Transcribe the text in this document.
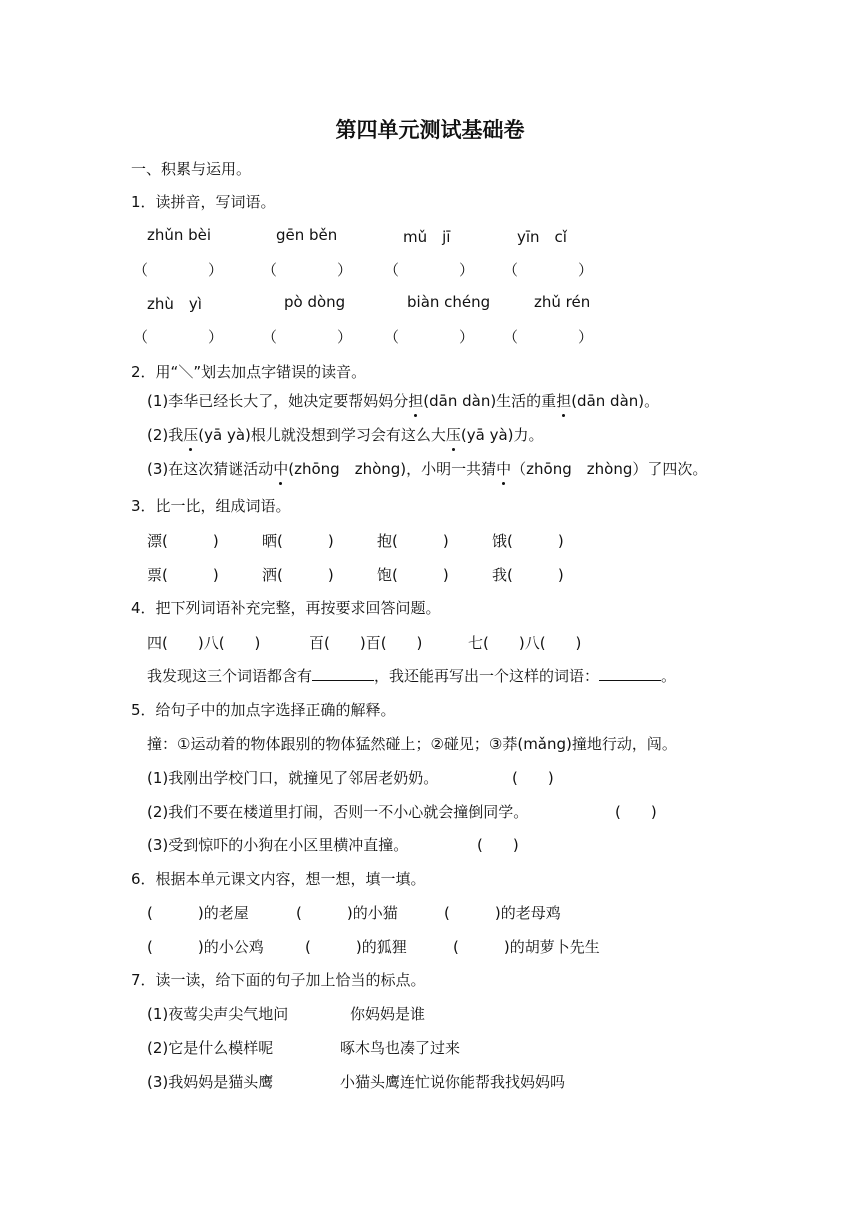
第四单元测试基础卷
一、积累与运用。
1．读拼音，写词语。
zhǔn bèi	gēn běn	mǔ　jī	yīn　cǐ
（　　　　）	（　　　　） （　　　　） （　　　　）
zhù　yì	pò dòng	biàn chéng	zhǔ rén
（　　　　）	（　　　　） （　　　　） （　　　　）
2．用“＼”划去加点字错误的读音。
(1)李华已经长大了，她决定要帮妈妈分担(dān dàn)生活的重担(dān dàn)。
(2)我压(yā yà)根儿就没想到学习会有这么大压(yā yà)力。
(3)在这次猜谜活动中(zhōng　zhòng)，小明一共猜中（zhōng　zhòng）了四次。
3．比一比，组成词语。
漂(　　　)	晒(　　　)	抱(　　　)	饿(　　　)
票(　　　)	洒(　　　)	饱(　　　)	我(　　　)
4．把下列词语补充完整，再按要求回答问题。
四(　　)八(　　)	百(　　)百(　　)	七(　　)八(　　)
我发现这三个词语都含有	，我还能再写出一个这样的词语：	。
5．给句子中的加点字选择正确的解释。
撞：①运动着的物体跟别的物体猛然碰上；②碰见；③莽(mǎng)撞地行动，闯。
(1)我刚出学校门口，就撞见了邻居老奶奶。	(　　)
(2)我们不要在楼道里打闹，否则一不小心就会撞倒同学。	(　　)
(3)受到惊吓的小狗在小区里横冲直撞。	(　　)
6．根据本单元课文内容，想一想，填一填。
(　　　)的老屋	(　　　)的小猫	(　　　)的老母鸡
(　　　)的小公鸡	(　　　)的狐狸	(　　　)的胡萝卜先生
7．读一读，给下面的句子加上恰当的标点。
(1)夜莺尖声尖气地问	你妈妈是谁
(2)它是什么模样呢	啄木鸟也凑了过来
(3)我妈妈是猫头鹰	小猫头鹰连忙说你能帮我找妈妈吗
